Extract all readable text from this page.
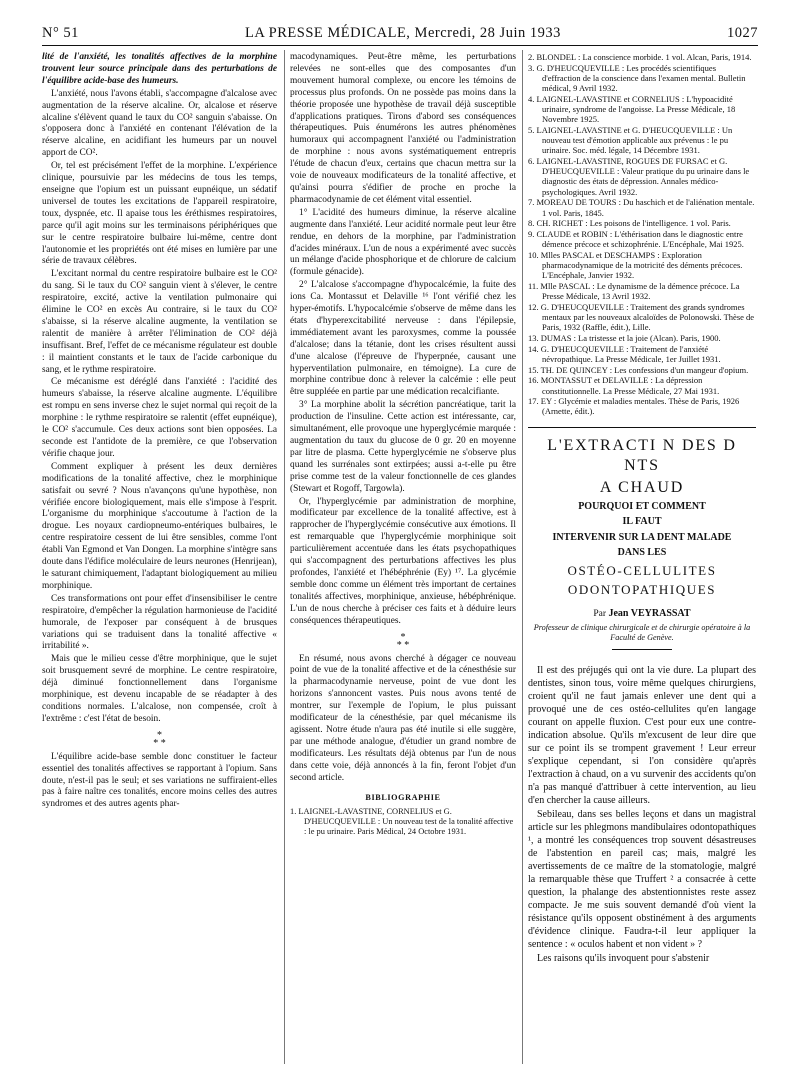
N° 51	LA PRESSE MÉDICALE, Mercredi, 28 Juin 1933	1027

lité de l'anxiété, les tonalités affectives de la morphine trouvent leur source principale dans des perturbations de l'équilibre acide-base des humeurs.

L'anxiété, nous l'avons établi, s'accompagne d'alcalose avec augmentation de la réserve alcaline. Or, alcalose et réserve alcaline s'élèvent quand le taux du CO² sanguin s'abaisse. On s'opposera donc à l'anxiété en contenant l'élévation de la réserve alcaline, en acidifiant les humeurs par un nouvel apport de CO².

Or, tel est précisément l'effet de la morphine. L'expérience clinique, poursuivie par les médecins de tous les temps, enseigne que l'opium est un puissant eupnéique, un sédatif universel de toutes les excitations de l'appareil respiratoire, toux, dyspnée, etc. Il apaise tous les éréthismes respiratoires, parce qu'il agit moins sur les terminaisons périphériques que sur le centre respiratoire bulbaire lui-même, centre dont l'autonomie et les propriétés ont été mises en lumière par une série de travaux célèbres.

L'excitant normal du centre respiratoire bulbaire est le CO² du sang. Si le taux du CO² sanguin vient à s'élever, le centre respiratoire, excité, active la ventilation pulmonaire qui élimine le CO² en excès Au contraire, si le taux du CO² s'abaisse, si la réserve alcaline augmente, la ventilation se ralentit de manière à arrêter l'élimination de CO² déjà insuffisant. Bref, l'effet de ce mécanisme régulateur est double : il maintient constants et le taux de l'acide carbonique du sang, et le rythme respiratoire.

Ce mécanisme est déréglé dans l'anxiété : l'acidité des humeurs s'abaisse, la réserve alcaline augmente. L'équilibre est rompu en sens inverse chez le sujet normal qui reçoit de la morphine : le rythme respiratoire se ralentit (effet eupnéique), le CO² s'accumule. Ces deux actions sont bien opposées. La seconde est l'antidote de la première, ce que l'observation vérifie chaque jour.

Comment expliquer à présent les deux dernières modifications de la tonalité affective, chez le morphinique satisfait ou sevré ? Nous n'avançons qu'une hypothèse, non vérifiée encore biologiquement, mais elle s'impose à l'esprit. L'organisme du morphinique s'accoutume à l'action de la drogue. Les noyaux cardiopneumo-entériques bulbaires, le centre respiratoire cessent de lui être sensibles, comme l'ont établi Van Egmond et Van Dongen. La morphine s'intègre sans doute dans l'édifice moléculaire de leurs neurones (Henrijean), le saturant chimiquement, l'adaptant biologiquement au milieu morphinique.

Ces transformations ont pour effet d'insensibiliser le centre respiratoire, d'empêcher la régulation harmonieuse de l'acidité humorale, de l'exposer par conséquent à de brusques variations qui se traduisent dans la tonalité affective « irritabilité ».

Mais que le milieu cesse d'être morphinique, que le sujet soit brusquement sevré de morphine. Le centre respiratoire, déjà diminué fonctionnellement dans l'organisme morphinique, est devenu incapable de se réadapter à des conditions normales. L'alcalose, non compensée, croît à l'extrême : c'est l'état de besoin.

*
* *

L'équilibre acide-base semble donc constituer le facteur essentiel des tonalités affectives se rapportant à l'opium. Sans doute, n'est-il pas le seul; et ses variations ne suffiraient-elles pas à faire naître ces tonalités, encore moins celles des autres syndromes et des autres agents phar-

macodynamiques. Peut-être même, les perturbations relevées ne sont-elles que des composantes d'un mouvement humoral complexe, ou encore les témoins de processus plus profonds. On ne possède pas moins dans la théorie proposée une hypothèse de travail déjà susceptible d'applications pratiques. Tirons d'abord ses conséquences thérapeutiques. Puis énumérons les autres phénomènes humoraux qui accompagnent l'anxiété ou l'administration de morphine : nous avons systématiquement entrepris l'étude de chacun d'eux, certains que chacun mettra sur la voie de nouveaux modificateurs de la tonalité affective, et qu'ainsi pourra s'édifier de proche en proche la pharmacodynamie de cet élément vital essentiel.

1° L'acidité des humeurs diminue, la réserve alcaline augmente dans l'anxiété. Leur acidité normale peut leur être rendue, en dehors de la morphine, par l'administration d'acides minéraux. L'un de nous a expérimenté avec succès un mélange d'acide phosphorique et de chlorure de calcium (formule génacide).

2° L'alcalose s'accompagne d'hypocalcémie, la fuite des ions Ca. Montassut et Delaville ¹⁶ l'ont vérifié chez les hyper-émotifs. L'hypocalcémie s'observe de même dans les états d'hyperexcitabilité nerveuse : dans l'épilepsie, immédiatement avant les paroxysmes, comme la poussée d'alcalose; dans la tétanie, dont les crises résultent aussi d'une alcalose (l'épreuve de l'hyperpnée, causant une hyperventilation pulmonaire, en témoigne). La cure de morphine contribue donc à relever la calcémie : elle peut être suppléée en partie par une médication recalcifiante.

3° La morphine abolit la sécrétion pancréatique, tarit la production de l'insuline. Cette action est intéressante, car, simultanément, elle provoque une hyperglycémie marquée : augmentation du taux du glucose de 0 gr. 20 en moyenne par litre de plasma. Cette hyperglycémie ne s'observe plus quand les surrénales sont extirpées; aussi a-t-elle pu être prise comme test de la valeur fonctionnelle de ces glandes (Stewart et Rogoff, Targowla).

Or, l'hyperglycémie par administration de morphine, modificateur par excellence de la tonalité affective, est à rapprocher de l'hyperglycémie consécutive aux émotions. Il est remarquable que l'hyperglycémie morphinique soit particulièrement accentuée dans les états psychopathiques qui s'accompagnent des perturbations affectives les plus profondes, l'anxiété et l'hébéphrénie (Ey) ¹⁷. La glycémie semble donc comme un élément très important de certaines tonalités affectives, morphinique, anxieuse, hébéphrénique. L'un de nous cherche à préciser ces faits et à déduire leurs conséquences thérapeutiques.

*
* *

En résumé, nous avons cherché à dégager ce nouveau point de vue de la tonalité affective et de la cénesthésie sur la pharmacodynamie nerveuse, point de vue dont les horizons s'annoncent vastes. Puis nous avons tenté de montrer, sur l'exemple de l'opium, le plus puissant modificateur de la cénesthésie, par quel mécanisme ils agissent. Notre étude n'aura pas été inutile si elle suggère, par une méthode analogue, d'étudier un grand nombre de modificateurs. Les résultats déjà obtenus par l'un de nous dans cette voie, déjà annoncés à la fin, feront l'objet d'un second article.

BIBLIOGRAPHIE

1. LAIGNEL-LAVASTINE, CORNELIUS et G. D'HEUCQUEVILLE : Un nouveau test de la tonalité affective : le pu urinaire. Paris Médical, 24 Octobre 1931.

2. BLONDEL : La conscience morbide. 1 vol. Alcan, Paris, 1914.

3. G. D'HEUCQUEVILLE : Les procédés scientifiques d'effraction de la conscience dans l'examen mental. Bulletin médical, 9 Avril 1932.

4. LAIGNEL-LAVASTINE et CORNELIUS : L'hypoacidité urinaire, syndrome de l'angoisse. La Presse Médicale, 18 Novembre 1925.

5. LAIGNEL-LAVASTINE et G. D'HEUCQUEVILLE : Un nouveau test d'émotion applicable aux prévenus : le pu urinaire. Soc. méd. légale, 14 Décembre 1931.

6. LAIGNEL-LAVASTINE, ROGUES DE FURSAC et G. D'HEUCQUEVILLE : Valeur pratique du pu urinaire dans le diagnostic des états de dépression. Annales médico-psychologiques. Avril 1932.

7. MOREAU DE TOURS : Du haschich et de l'aliénation mentale. 1 vol. Paris, 1845.

8. CH. RICHET : Les poisons de l'intelligence. 1 vol. Paris.

9. CLAUDE et ROBIN : L'éthérisation dans le diagnostic entre démence précoce et schizophrénie. L'Encéphale, Mai 1925.

10. Mlles PASCAL et DESCHAMPS : Exploration pharmacodynamique de la motricité des déments précoces. L'Encéphale, Janvier 1932.

11. Mlle PASCAL : Le dynamisme de la démence précoce. La Presse Médicale, 13 Avril 1932.

12. G. D'HEUCQUEVILLE : Traitement des grands syndromes mentaux par les nouveaux alcaloïdes de Polonowski. Thèse de Paris, 1932 (Raffle, édit.), Lille.

13. DUMAS : La tristesse et la joie (Alcan). Paris, 1900.

14. G. D'HEUCQUEVILLE : Traitement de l'anxiété névropathique. La Presse Médicale, 1er Juillet 1931.

15. TH. DE QUINCEY : Les confessions d'un mangeur d'opium.

16. MONTASSUT et DELAVILLE : La dépression constitutionnelle. La Presse Médicale, 27 Mai 1931.

17. EY : Glycémie et maladies mentales. Thèse de Paris, 1926 (Arnette, édit.).

L'EXTRACTI N DES D NTS
A CHAUD
POURQUOI ET COMMENT
IL FAUT
INTERVENIR SUR LA DENT MALADE
DANS LES
OSTÉO-CELLULITES
ODONTOPATHIQUES
Par Jean VEYRASSAT
Professeur de clinique chirurgicale et de chirurgie opératoire à la Faculté de Genève.

Il est des préjugés qui ont la vie dure. La plupart des dentistes, sinon tous, voire même quelques chirurgiens, croient qu'il ne faut jamais enlever une dent qui a provoqué une de ces ostéo-cellulites qu'en langage courant on appelle fluxion. C'est pour eux une contre-indication absolue. Qu'ils m'excusent de leur dire que sur ce point ils se trompent gravement ! Leur erreur s'explique cependant, si l'on considère qu'après l'extraction à chaud, on a vu survenir des accidents qu'on n'a pas manqué d'attribuer à cette intervention, au lieu d'en chercher la cause ailleurs.

Sebileau, dans ses belles leçons et dans un magistral article sur les phlegmons mandibulaires odontopathiques ¹, a montré les conséquences trop souvent désastreuses de l'abstention en pareil cas; mais, malgré les avertissements de ce maître de la stomatologie, malgré la remarquable thèse que Truffert ² a consacrée à cette question, la phalange des abstentionnistes reste assez compacte. Je me suis souvent demandé d'où vient la résistance qu'ils opposent obstinément à des arguments d'évidence clinique. Faudra-t-il leur appliquer la sentence : « oculos habent et non vident » ?

Les raisons qu'ils invoquent pour s'abstenir
